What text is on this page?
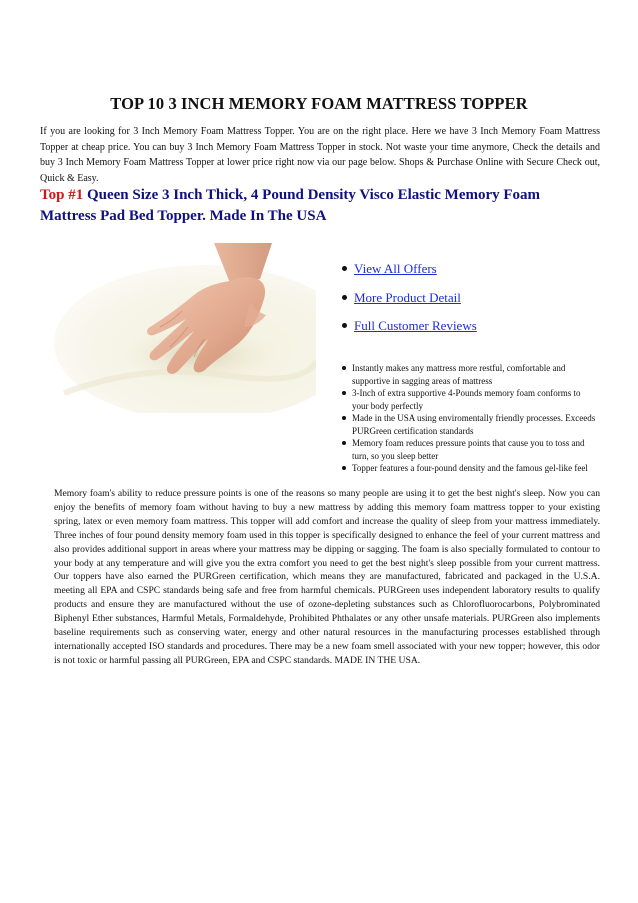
TOP 10 3 INCH MEMORY FOAM MATTRESS TOPPER
If you are looking for 3 Inch Memory Foam Mattress Topper. You are on the right place. Here we have 3 Inch Memory Foam Mattress Topper at cheap price. You can buy 3 Inch Memory Foam Mattress Topper in stock. Not waste your time anymore, Check the details and buy 3 Inch Memory Foam Mattress Topper at lower price right now via our page below. Shops & Purchase Online with Secure Check out, Quick & Easy.
Top #1 Queen Size 3 Inch Thick, 4 Pound Density Visco Elastic Memory Foam Mattress Pad Bed Topper. Made In The USA
View All Offers
More Product Detail
Full Customer Reviews
Instantly makes any mattress more restful, comfortable and supportive in sagging areas of mattress
3-Inch of extra supportive 4-Pounds memory foam conforms to your body perfectly
Made in the USA using enviromentally friendly processes. Exceeds PURGreen certification standards
Memory foam reduces pressure points that cause you to toss and turn, so you sleep better
Topper features a four-pound density and the famous gel-like feel
Memory foam's ability to reduce pressure points is one of the reasons so many people are using it to get the best night's sleep. Now you can enjoy the benefits of memory foam without having to buy a new mattress by adding this memory foam mattress topper to your existing spring, latex or even memory foam mattress. This topper will add comfort and increase the quality of sleep from your mattress immediately. Three inches of four pound density memory foam used in this topper is specifically designed to enhance the feel of your current mattress and also provides additional support in areas where your mattress may be dipping or sagging. The foam is also specially formulated to contour to your body at any temperature and will give you the extra comfort you need to get the best night's sleep possible from your current mattress. Our toppers have also earned the PURGreen certification, which means they are manufactured, fabricated and packaged in the U.S.A. meeting all EPA and CSPC standards being safe and free from harmful chemicals. PURGreen uses independent laboratory results to qualify products and ensure they are manufactured without the use of ozone-depleting substances such as Chlorofluorocarbons, Polybrominated Biphenyl Ether substances, Harmful Metals, Formaldehyde, Prohibited Phthalates or any other unsafe materials. PURGreen also implements baseline requirements such as conserving water, energy and other natural resources in the manufacturing processes established through internationally accepted ISO standards and procedures. There may be a new foam smell associated with your new topper; however, this odor is not toxic or harmful passing all PURGreen, EPA and CSPC standards. MADE IN THE USA.
